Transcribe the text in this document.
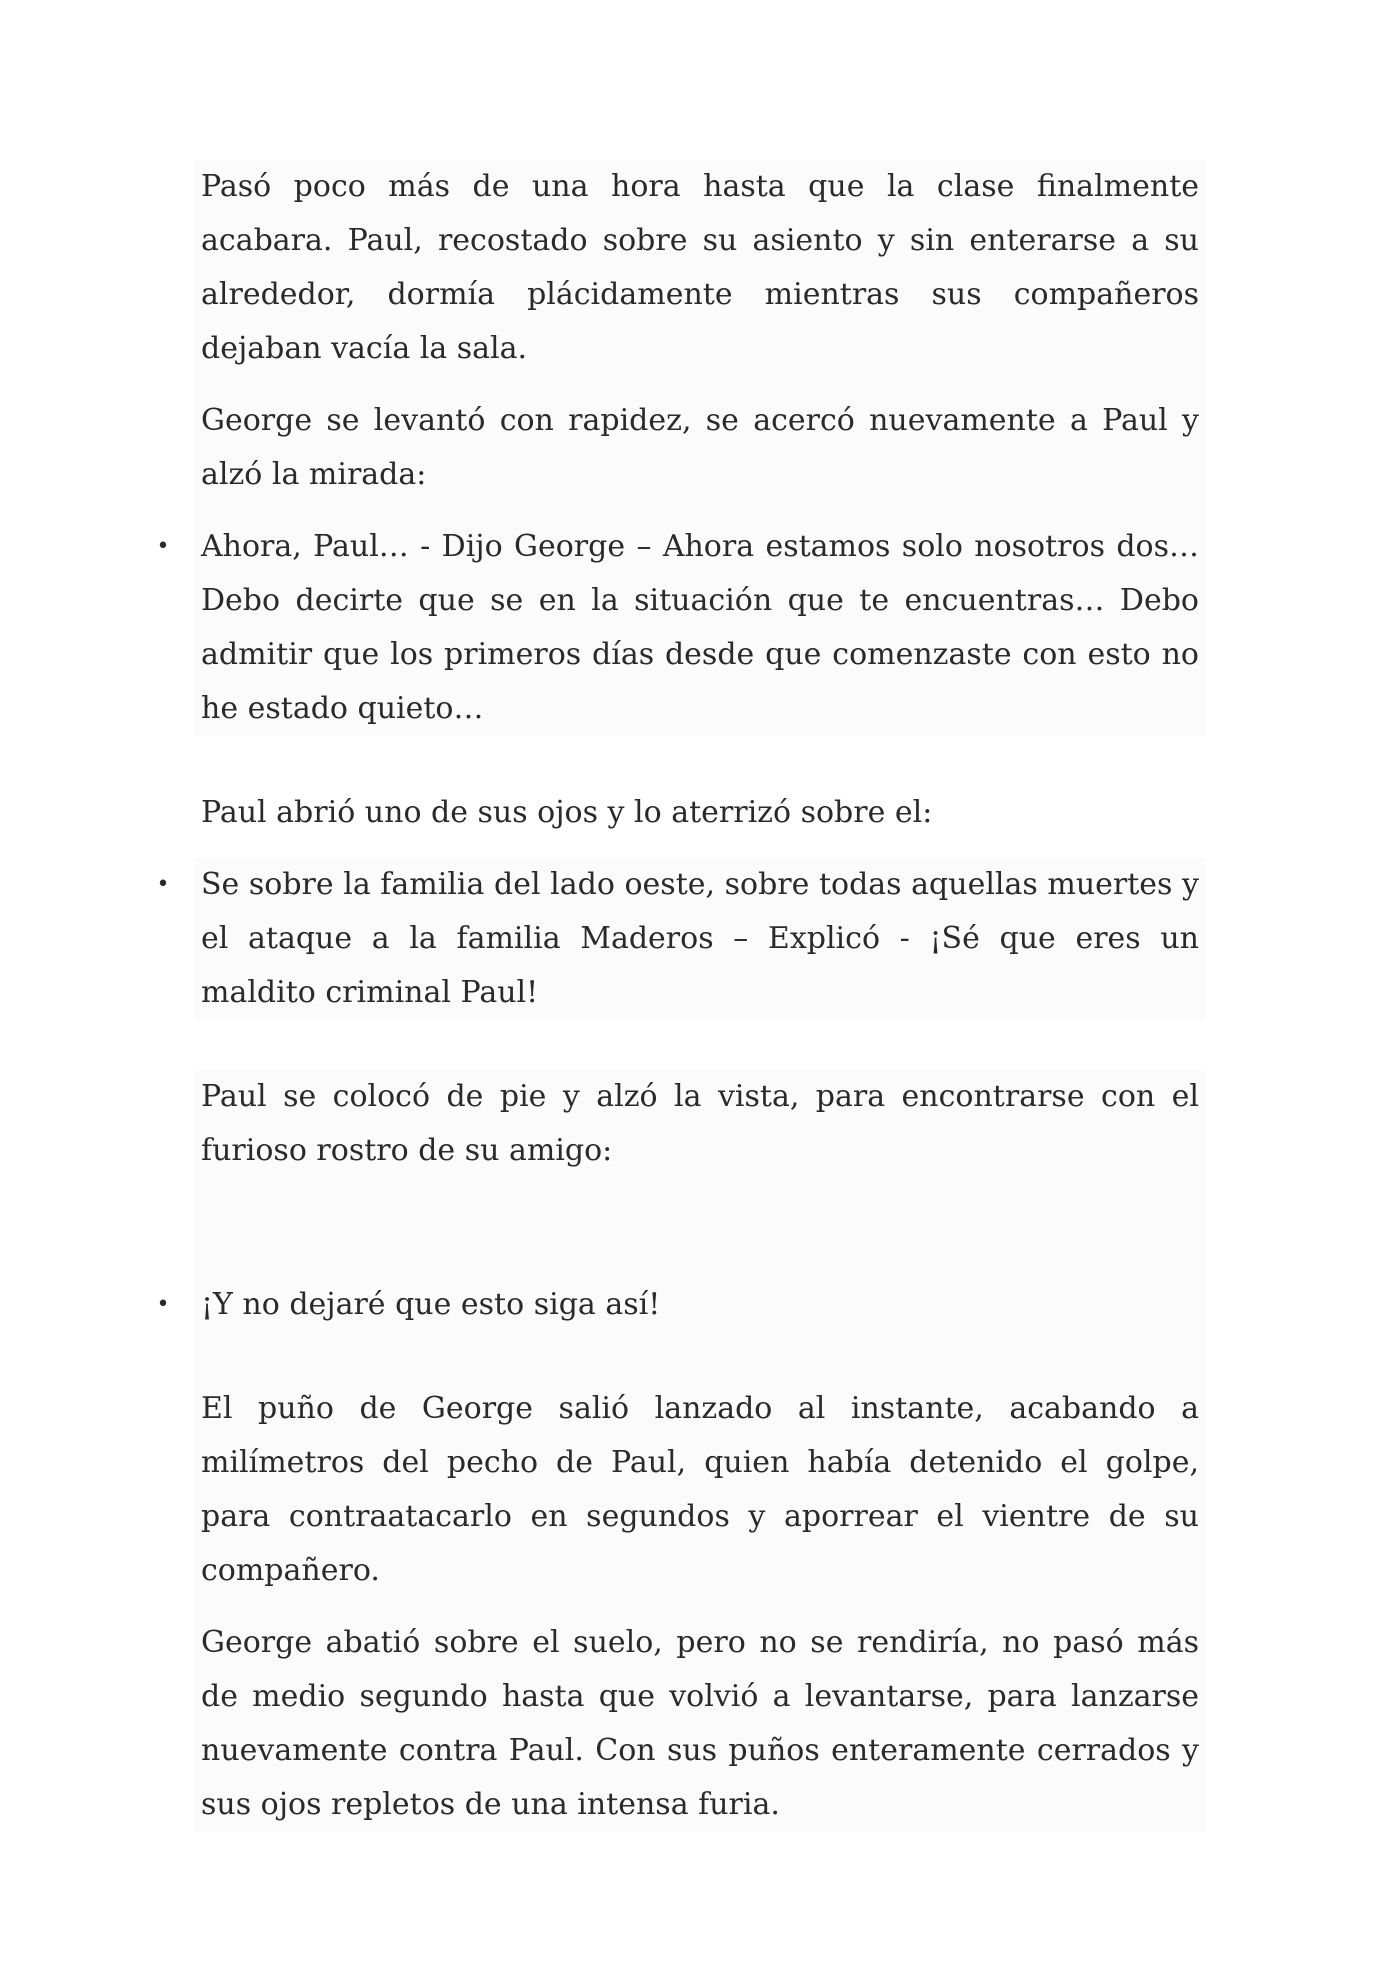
Pasó poco más de una hora hasta que la clase finalmente acabara. Paul, recostado sobre su asiento y sin enterarse a su alrededor, dormía plácidamente mientras sus compañeros dejaban vacía la sala.

George se levantó con rapidez, se acercó nuevamente a Paul y alzó la mirada:

• Ahora, Paul… - Dijo George – Ahora estamos solo nosotros dos… Debo decirte que se en la situación que te encuentras… Debo admitir que los primeros días desde que comenzaste con esto no he estado quieto…

Paul abrió uno de sus ojos y lo aterrizó sobre el:

• Se sobre la familia del lado oeste, sobre todas aquellas muertes y el ataque a la familia Maderos – Explicó - ¡Sé que eres un maldito criminal Paul!

Paul se colocó de pie y alzó la vista, para encontrarse con el furioso rostro de su amigo:

• ¡Y no dejaré que esto siga así!

El puño de George salió lanzado al instante, acabando a milímetros del pecho de Paul, quien había detenido el golpe, para contraatacarlo en segundos y aporrear el vientre de su compañero.

George abatió sobre el suelo, pero no se rendiría, no pasó más de medio segundo hasta que volvió a levantarse, para lanzarse nuevamente contra Paul. Con sus puños enteramente cerrados y sus ojos repletos de una intensa furia.
